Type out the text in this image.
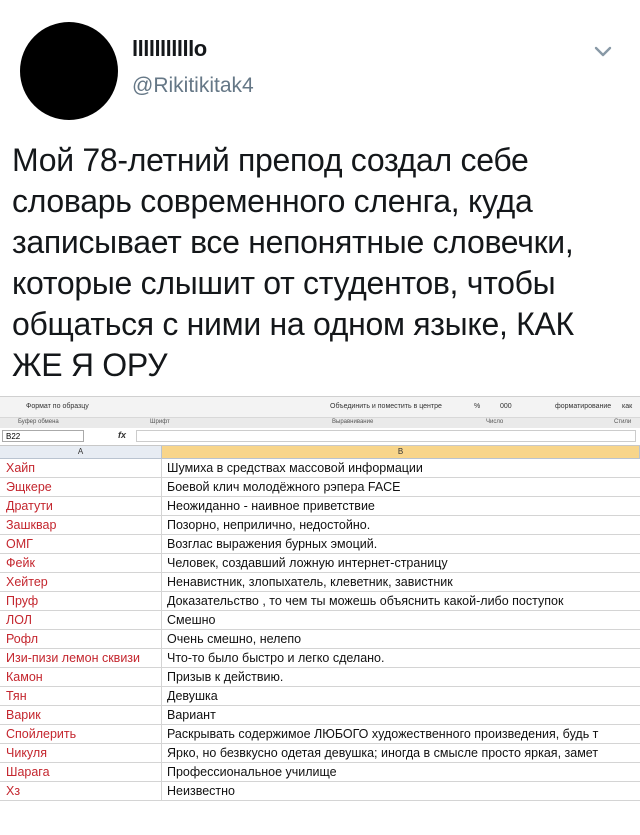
lllllllllllo
@Rikitikitak4

Мой 78-летний препод создал себе словарь современного сленга, куда записывает все непонятные словечки, которые слышит от студентов, чтобы общаться с ними на одном языке, КАК ЖЕ Я ОРУ

Формат по образцу	Объединить и поместить в центре	%	000	форматирование как
Буфер обмена	Шрифт	Выравнивание	Число	Стили
B22	fx
A	B
Хайп	Шумиха в средствах массовой информации
Эщкере	Боевой клич молодёжного рэпера FACE
Дратути	Неожиданно - наивное приветствие
Зашквар	Позорно, неприлично, недостойно.
ОМГ	Возглас выражения бурных эмоций.
Фейк	Человек, создавший ложную интернет-страницу
Хейтер	Ненавистник, злопыхатель, клеветник, завистник
Пруф	Доказательство , то чем ты можешь объяснить какой-либо поступок
ЛОЛ	Смешно
Рофл	Очень смешно, нелепо
Изи-пизи лемон сквизи	Что-то было быстро и легко сделано.
Камон	Призыв к действию.
Тян	Девушка
Варик	Вариант
Спойлерить	Раскрывать содержимое ЛЮБОГО художественного произведения, будь т
Чикуля	Ярко, но безвкусно одетая девушка; иногда в смысле просто яркая, замет
Шарага	Профессиональное училище
Хз	Неизвестно
